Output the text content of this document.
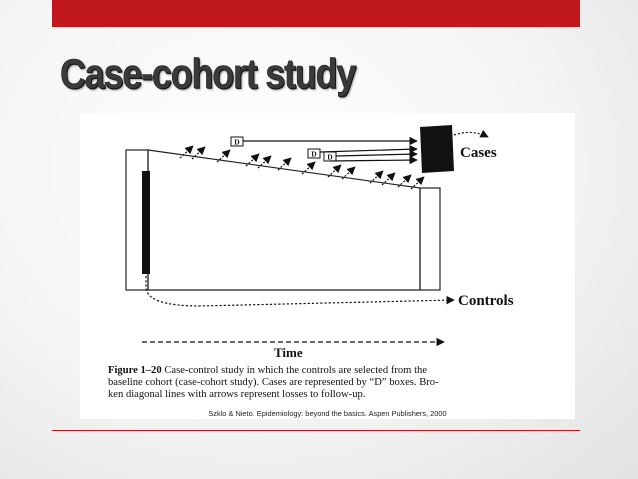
Case-cohort study
D
D D	Cases
Controls
Time

Figure 1–20 Case-control study in which the controls are selected from the
baseline cohort (case-cohort study). Cases are represented by “D” boxes. Bro-
ken diagonal lines with arrows represent losses to follow-up.

Szklo & Nieto. Epidemiology: beyond the basics. Aspen Publishers, 2000
